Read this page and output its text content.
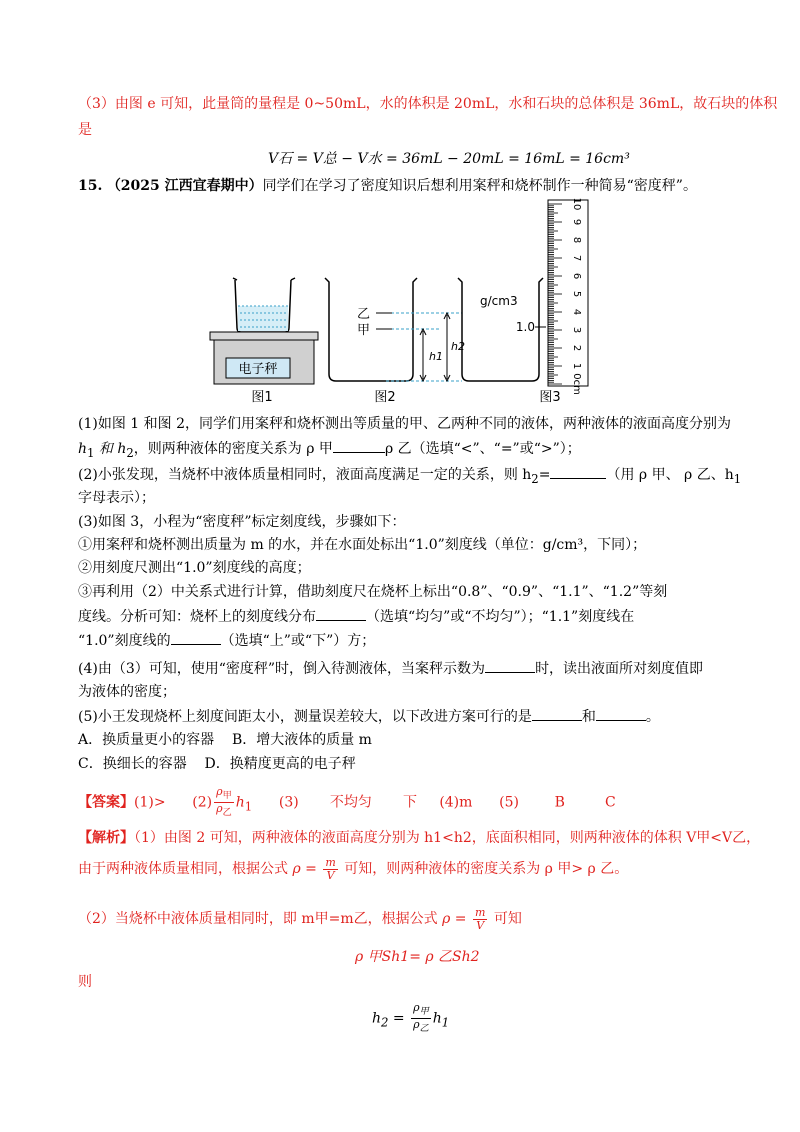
（3）由图 e 可知，此量筒的量程是 0~50mL，水的体积是 20mL，水和石块的总体积是 36mL，故石块的体积
是
V石 = V总 − V水 = 36mL − 20mL = 16mL = 16cm³
15. （2025 江西宜春期中）同学们在学习了密度知识后想利用案秤和烧杯制作一种简易“密度秤”。
电子秤
图1
乙
甲
h1
h2
图2
g/cm3
1.0
10
9
8
7
6
5
4
3
2
1
0cm
图3
(1)如图 1 和图 2，同学们用案秤和烧杯测出等质量的甲、乙两种不同的液体，两种液体的液面高度分别为
$h_1$ 和 $h_2$，则两种液体的密度关系为 ρ 甲	ρ 乙（选填“<”、“=”或“>”）；
(2)小张发现，当烧杯中液体质量相同时，液面高度满足一定的关系，则 $h_2=$	（用 ρ 甲、 ρ 乙、$h_1$
字母表示）；
(3)如图 3，小程为“密度秤”标定刻度线，步骤如下：
①用案秤和烧杯测出质量为 m 的水，并在水面处标出“1.0”刻度线（单位：g/cm³，下同）；
②用刻度尺测出“1.0”刻度线的高度；
③再利用（2）中关系式进行计算，借助刻度尺在烧杯上标出“0.8”、“0.9”、“1.1”、“1.2”等刻
度线。分析可知：烧杯上的刻度线分布	（选填“均匀”或“不均匀”）；“1.1”刻度线在
“1.0”刻度线的	（选填“上”或“下”）方；
(4)由（3）可知，使用“密度秤”时，倒入待测液体，当案秤示数为	时，读出液面所对刻度值即
为液体的密度；
(5)小王发现烧杯上刻度间距太小，测量误差较大，以下改进方案可行的是	和	。
A．换质量更小的容器 B．增大液体的质量 m
C．换细长的容器 D．换精度更高的电子秤
【答案】$(1)> (2) \frac{\rho_甲}{\rho_乙} h_1$ (3) 不均匀 下 (4)m (5)	B	C
【解析】（1）由图 2 可知，两种液体的液面高度分别为 h1<h2，底面积相同，则两种液体的体积 V甲<V乙，
由于两种液体质量相同，根据公式 $\rho = \frac{m}{V}$ 可知，则两种液体的密度关系为 ρ 甲> ρ 乙。
（2）当烧杯中液体质量相同时，即 m甲=m乙，根据公式 $\rho = \frac{m}{V}$ 可知
ρ 甲Sh1= ρ 乙Sh2
则
$h_2 = \frac{\rho_甲}{\rho_乙} h_1$
